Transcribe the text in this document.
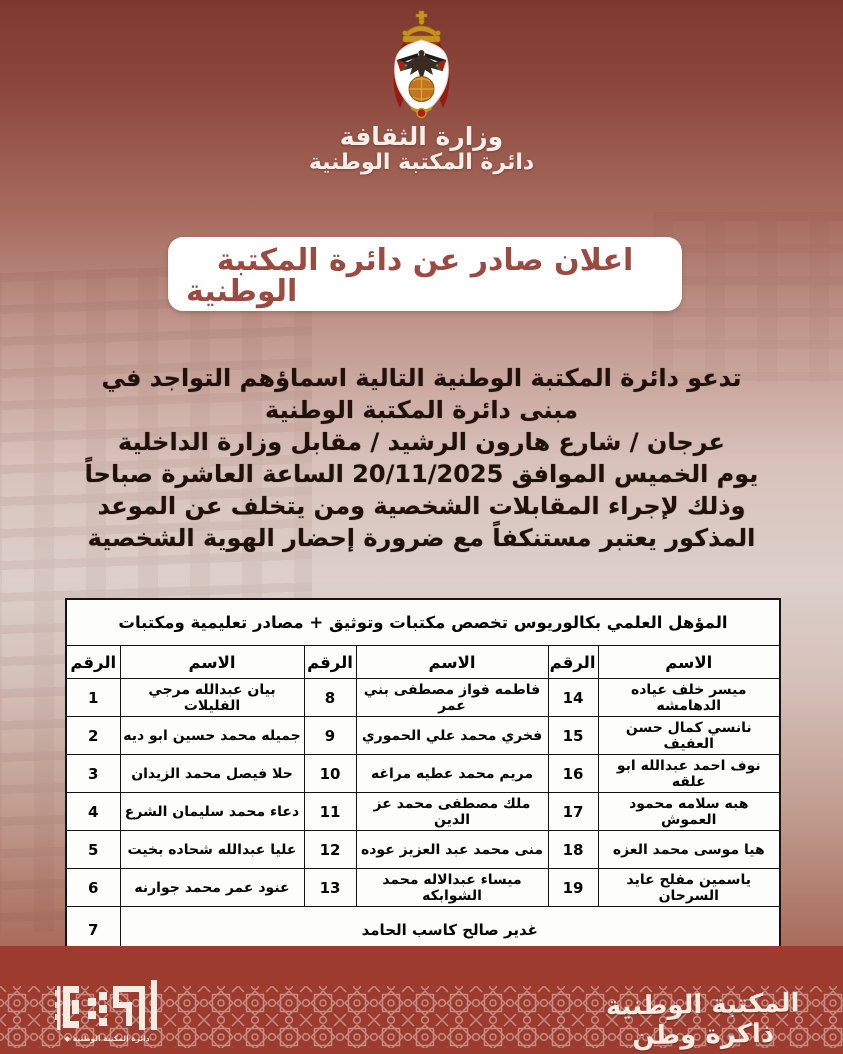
وزارة الثقافة
دائرة المكتبة الوطنية
اعلان صادر عن دائرة المكتبة
الوطنية
تدعو دائرة المكتبة الوطنية التالية اسماؤهم التواجد في
مبنى دائرة المكتبة الوطنية
عرجان / شارع هارون الرشيد / مقابل وزارة الداخلية
يوم الخميس الموافق 20/11/2025 الساعة العاشرة صباحاً
وذلك لإجراء المقابلات الشخصية ومن يتخلف عن الموعد
المذكور يعتبر مستنكفاً مع ضرورة إحضار الهوية الشخصية
المؤهل العلمي بكالوريوس تخصص مكتبات وتوثيق + مصادر تعليمية ومكتبات					
الرقم	الاسم	الرقم	الاسم	الرقم	الاسم
1	بيان عبدالله مرجي الفليلات	8	فاطمه فواز مصطفى بني عمر	14	ميسر خلف عياده الدهامشه
2	جميله محمد حسين ابو ديه	9	فخري محمد علي الحموري	15	نانسي كمال حسن العفيف
3	حلا فيصل محمد الزيدان	10	مريم محمد عطيه مراغه	16	نوف احمد عبدالله ابو علقه
4	دعاء محمد سليمان الشرع	11	ملك مصطفى محمد عز الدين	17	هبه سلامه محمود العموش
5	عليا عبدالله شحاده بخيت	12	منى محمد عبد العزيز عوده	18	هيا موسى محمد العزه
6	عنود عمر محمد جوارنه	13	ميساء عبدالاله محمد الشوابكه	19	ياسمين مفلح عايد السرحان
7	غدير صالح كاسب الحامد				
دائرة المكتبة الوطنية ◆
المكتبة الوطنية ذاكرة وطن
